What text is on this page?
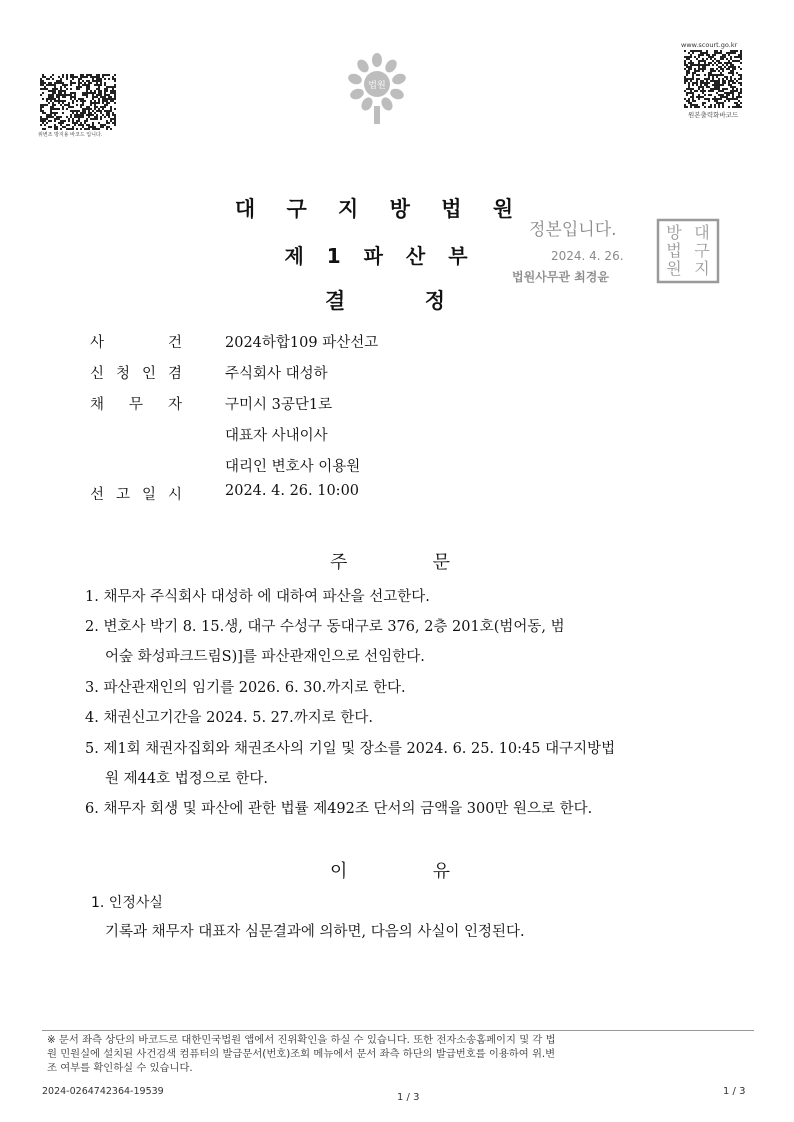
위변조 방지용 바코드 입니다.
법원
www.scourt.go.kr
원본출력화바코드
대 구 지 방 법 원
제 1 파 산 부
결	정
정본입니다.
2024. 4. 26.
법원사무관 최경윤
대
구
지
방
법
원
사	건	2024하합109 파산선고
신 청 인 겸	주식회사 대성하
채 무 자	구미시 3공단1로
대표자 사내이사
대리인 변호사 이용원
선 고 일 시	2024. 4. 26. 10:00
주	문
1. 채무자 주식회사 대성하 에 대하여 파산을 선고한다.
2. 변호사 박기 8. 15.생, 대구 수성구 동대구로 376, 2층 201호(범어동, 범
어숲 화성파크드림S)]를 파산관재인으로 선임한다.
3. 파산관재인의 임기를 2026. 6. 30.까지로 한다.
4. 채권신고기간을 2024. 5. 27.까지로 한다.
5. 제1회 채권자집회와 채권조사의 기일 및 장소를 2024. 6. 25. 10:45 대구지방법
원 제44호 법정으로 한다.
6. 채무자 회생 및 파산에 관한 법률 제492조 단서의 금액을 300만 원으로 한다.
이	유
1. 인정사실
기록과 채무자 대표자 심문결과에 의하면, 다음의 사실이 인정된다.
※ 문서 좌측 상단의 바코드로 대한민국법원 앱에서 진위확인을 하실 수 있습니다. 또한 전자소송홈페이지 및 각 법
원 민원실에 설치된 사건검색 컴퓨터의 발급문서(번호)조회 메뉴에서 문서 좌측 하단의 발급번호를 이용하여 위.변
조 여부를 확인하실 수 있습니다.
2024-0264742364-19539
1 / 3
1 / 3
